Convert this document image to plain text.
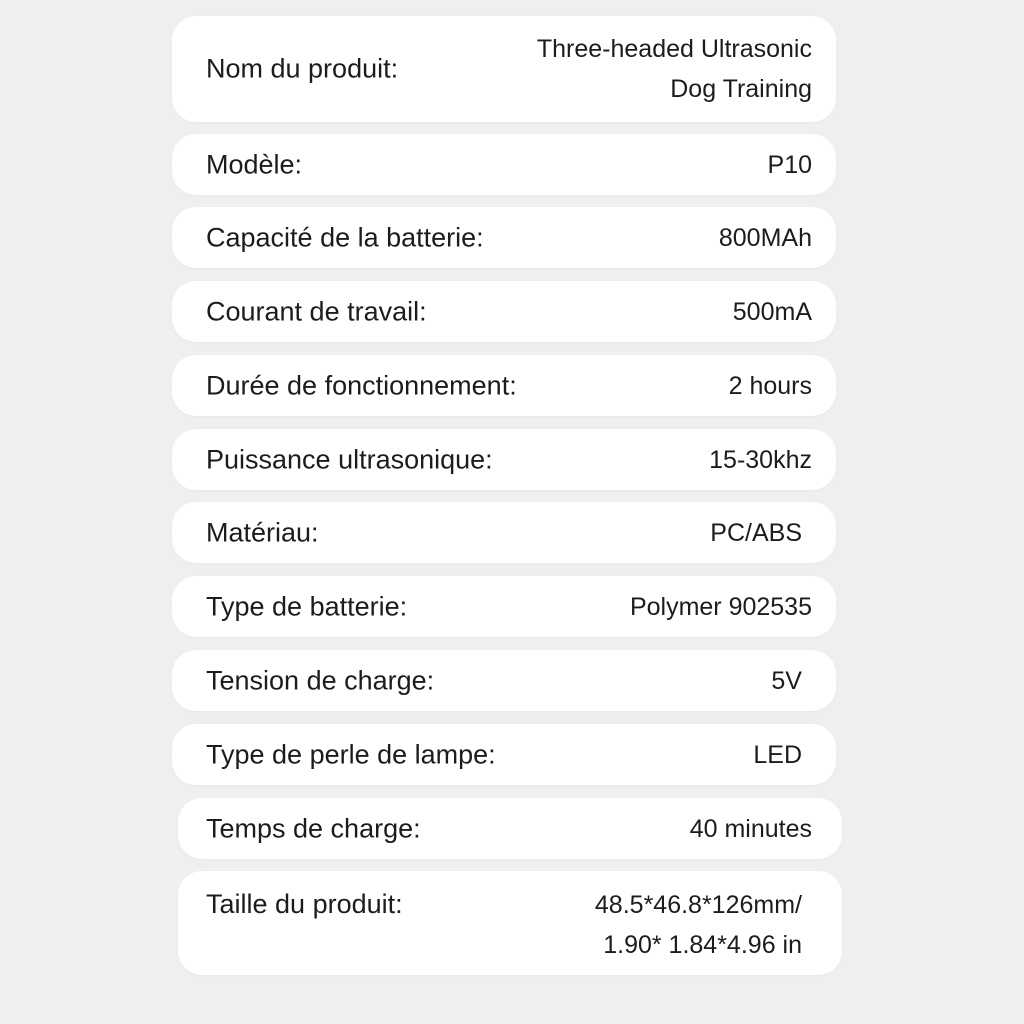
Nom du produit:
Three-headed Ultrasonic
Dog Training
Modèle:	P10
Capacité de la batterie:	800MAh
Courant de travail:	500mA
Durée de fonctionnement:	2 hours
Puissance ultrasonique:	15-30khz
Matériau:	PC/ABS
Type de batterie:	Polymer 902535
Tension de charge:	5V
Type de perle de lampe:	LED
Temps de charge:	40 minutes
Taille du produit:	48.5*46.8*126mm/
1.90* 1.84*4.96 in
